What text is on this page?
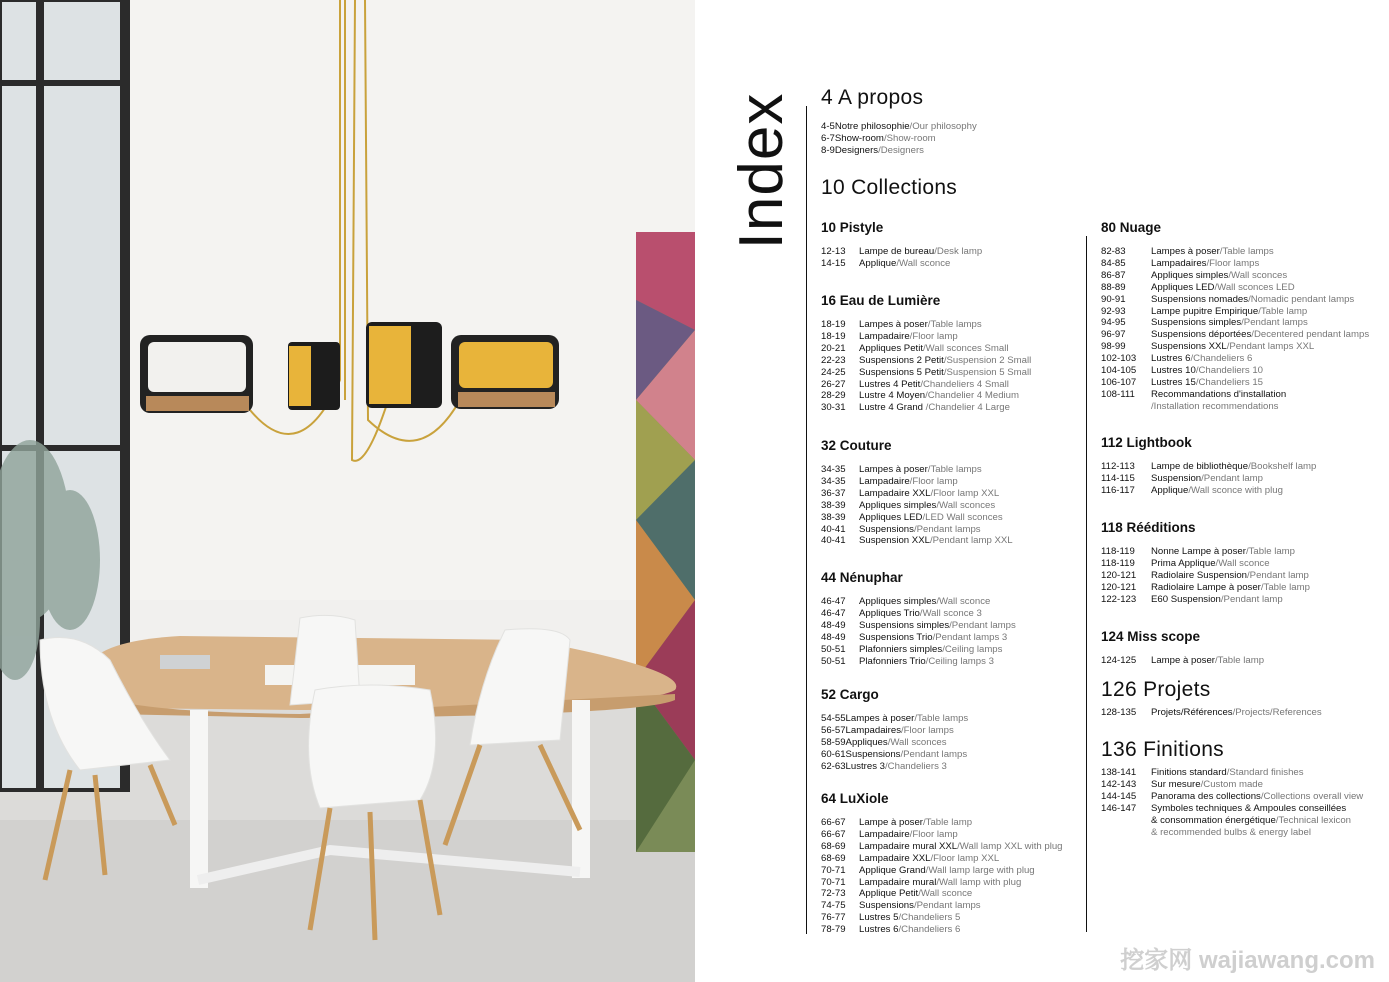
Index 4 A propos
4-5Notre philosophie/Our philosophy
6-7Show-room/Show-room
8-9Designers/Designers
10 Collections
10 Pistyle
12-13 Lampe de bureau/Desk lamp
14-15 Applique/Wall sconce
16 Eau de Lumière
18-19 Lampes à poser/Table lamps
18-19 Lampadaire/Floor lamp
20-21 Appliques Petit/Wall sconces Small
22-23 Suspensions 2 Petit/Suspension 2 Small
24-25 Suspensions 5 Petit/Suspension 5 Small
26-27 Lustres 4 Petit/Chandeliers 4 Small
28-29 Lustre 4 Moyen/Chandelier 4 Medium
30-31 Lustre 4 Grand /Chandelier 4 Large
32 Couture
34-35 Lampes à poser/Table lamps
34-35 Lampadaire/Floor lamp
36-37 Lampadaire XXL/Floor lamp XXL
38-39 Appliques simples/Wall sconces
38-39 Appliques LED/LED Wall sconces
40-41 Suspensions/Pendant lamps
40-41 Suspension XXL/Pendant lamp XXL
44 Nénuphar
46-47 Appliques simples/Wall sconce
46-47 Appliques Trio/Wall sconce 3
48-49 Suspensions simples/Pendant lamps
48-49 Suspensions Trio/Pendant lamps 3
50-51 Plafonniers simples/Ceiling lamps
50-51 Plafonniers Trio/Ceiling lamps 3
52 Cargo
54-55Lampes à poser/Table lamps
56-57Lampadaires/Floor lamps
58-59Appliques/Wall sconces
60-61Suspensions/Pendant lamps
62-63Lustres 3/Chandeliers 3
64 LuXiole
66-67 Lampe à poser/Table lamp
66-67 Lampadaire/Floor lamp
68-69 Lampadaire mural XXL/Wall lamp XXL with plug
68-69 Lampadaire XXL/Floor lamp XXL
70-71 Applique Grand/Wall lamp large with plug
70-71 Lampadaire mural/Wall lamp with plug
72-73 Applique Petit/Wall sconce
74-75 Suspensions/Pendant lamps
76-77 Lustres 5/Chandeliers 5
78-79 Lustres 6/Chandeliers 6
80 Nuage
82-83	Lampes à poser/Table lamps
84-85	Lampadaires/Floor lamps
86-87	Appliques simples/Wall sconces
88-89	Appliques LED/Wall sconces LED
90-91	Suspensions nomades/Nomadic pendant lamps
92-93	Lampe pupitre Empirique/Table lamp
94-95	Suspensions simples/Pendant lamps
96-97	Suspensions déportées/Decentered pendant lamps
98-99	Suspensions XXL/Pendant lamps XXL
102-103 Lustres 6/Chandeliers 6
104-105 Lustres 10/Chandeliers 10
106-107 Lustres 15/Chandeliers 15
108-111 Recommandations d'installation
/Installation recommendations
112 Lightbook
112-113 Lampe de bibliothèque/Bookshelf lamp
114-115 Suspension/Pendant lamp
116-117 Applique/Wall sconce with plug
118 Rééditions
118-119 Nonne Lampe à poser/Table lamp
118-119 Prima Applique/Wall sconce
120-121 Radiolaire Suspension/Pendant lamp
120-121 Radiolaire Lampe à poser/Table lamp
122-123 E60 Suspension/Pendant lamp
124 Miss scope
124-125 Lampe à poser/Table lamp
126 Projets
128-135 Projets/Références/Projects/References
136 Finitions
138-141 Finitions standard/Standard finishes
142-143 Sur mesure/Custom made
144-145 Panorama des collections/Collections overall view
146-147 Symboles techniques & Ampoules conseillées
& consommation énergétique/Technical lexicon
& recommended bulbs & energy label
挖家网 wajiawang.com
